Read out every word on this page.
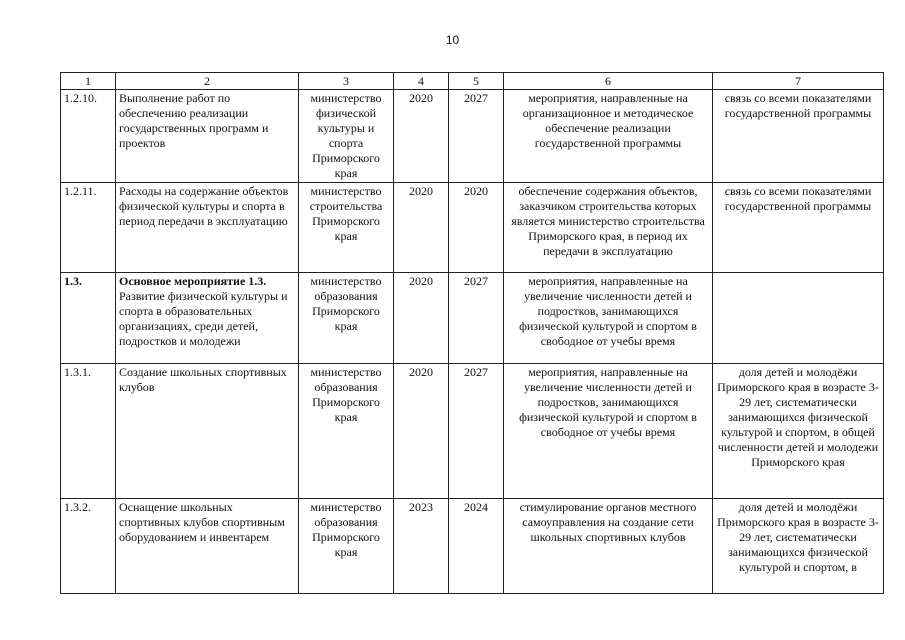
10
1	2	3	4	5	6	7
1.2.10.	Выполнение работ по обеспечению реализации государственных программ и проектов	министерство физической культуры и спорта Приморского края	2020	2027	мероприятия, направленные на организационное и методическое обеспечение реализации государственной программы	связь со всеми показателями государственной программы
1.2.11.	Расходы на содержание объектов физической культуры и спорта в период передачи в эксплуатацию	министерство строительства Приморского края	2020	2020	обеспечение содержания объектов, заказчиком строительства которых является министерство строительства Приморского края, в период их передачи в эксплуатацию	связь со всеми показателями государственной программы
1.3.	Основное мероприятие 1.3. Развитие физической культуры и спорта в образовательных организациях, среди детей, подростков и молодежи	министерство образования Приморского края	2020	2027	мероприятия, направленные на увеличение численности детей и подростков, занимающихся физической культурой и спортом в свободное от учебы время	
1.3.1.	Создание школьных спортивных клубов	министерство образования Приморского края	2020	2027	мероприятия, направленные на увеличение численности детей и подростков, занимающихся физической культурой и спортом в свободное от учебы время	доля детей и молодёжи Приморского края в возрасте 3-29 лет, систематически занимающихся физической культурой и спортом, в общей численности детей и молодежи Приморского края
1.3.2.	Оснащение школьных спортивных клубов спортивным оборудованием и инвентарем	министерство образования Приморского края	2023	2024	стимулирование органов местного самоуправления на создание сети школьных спортивных клубов	доля детей и молодёжи Приморского края в возрасте 3-29 лет, систематически занимающихся физической культурой и спортом, в
